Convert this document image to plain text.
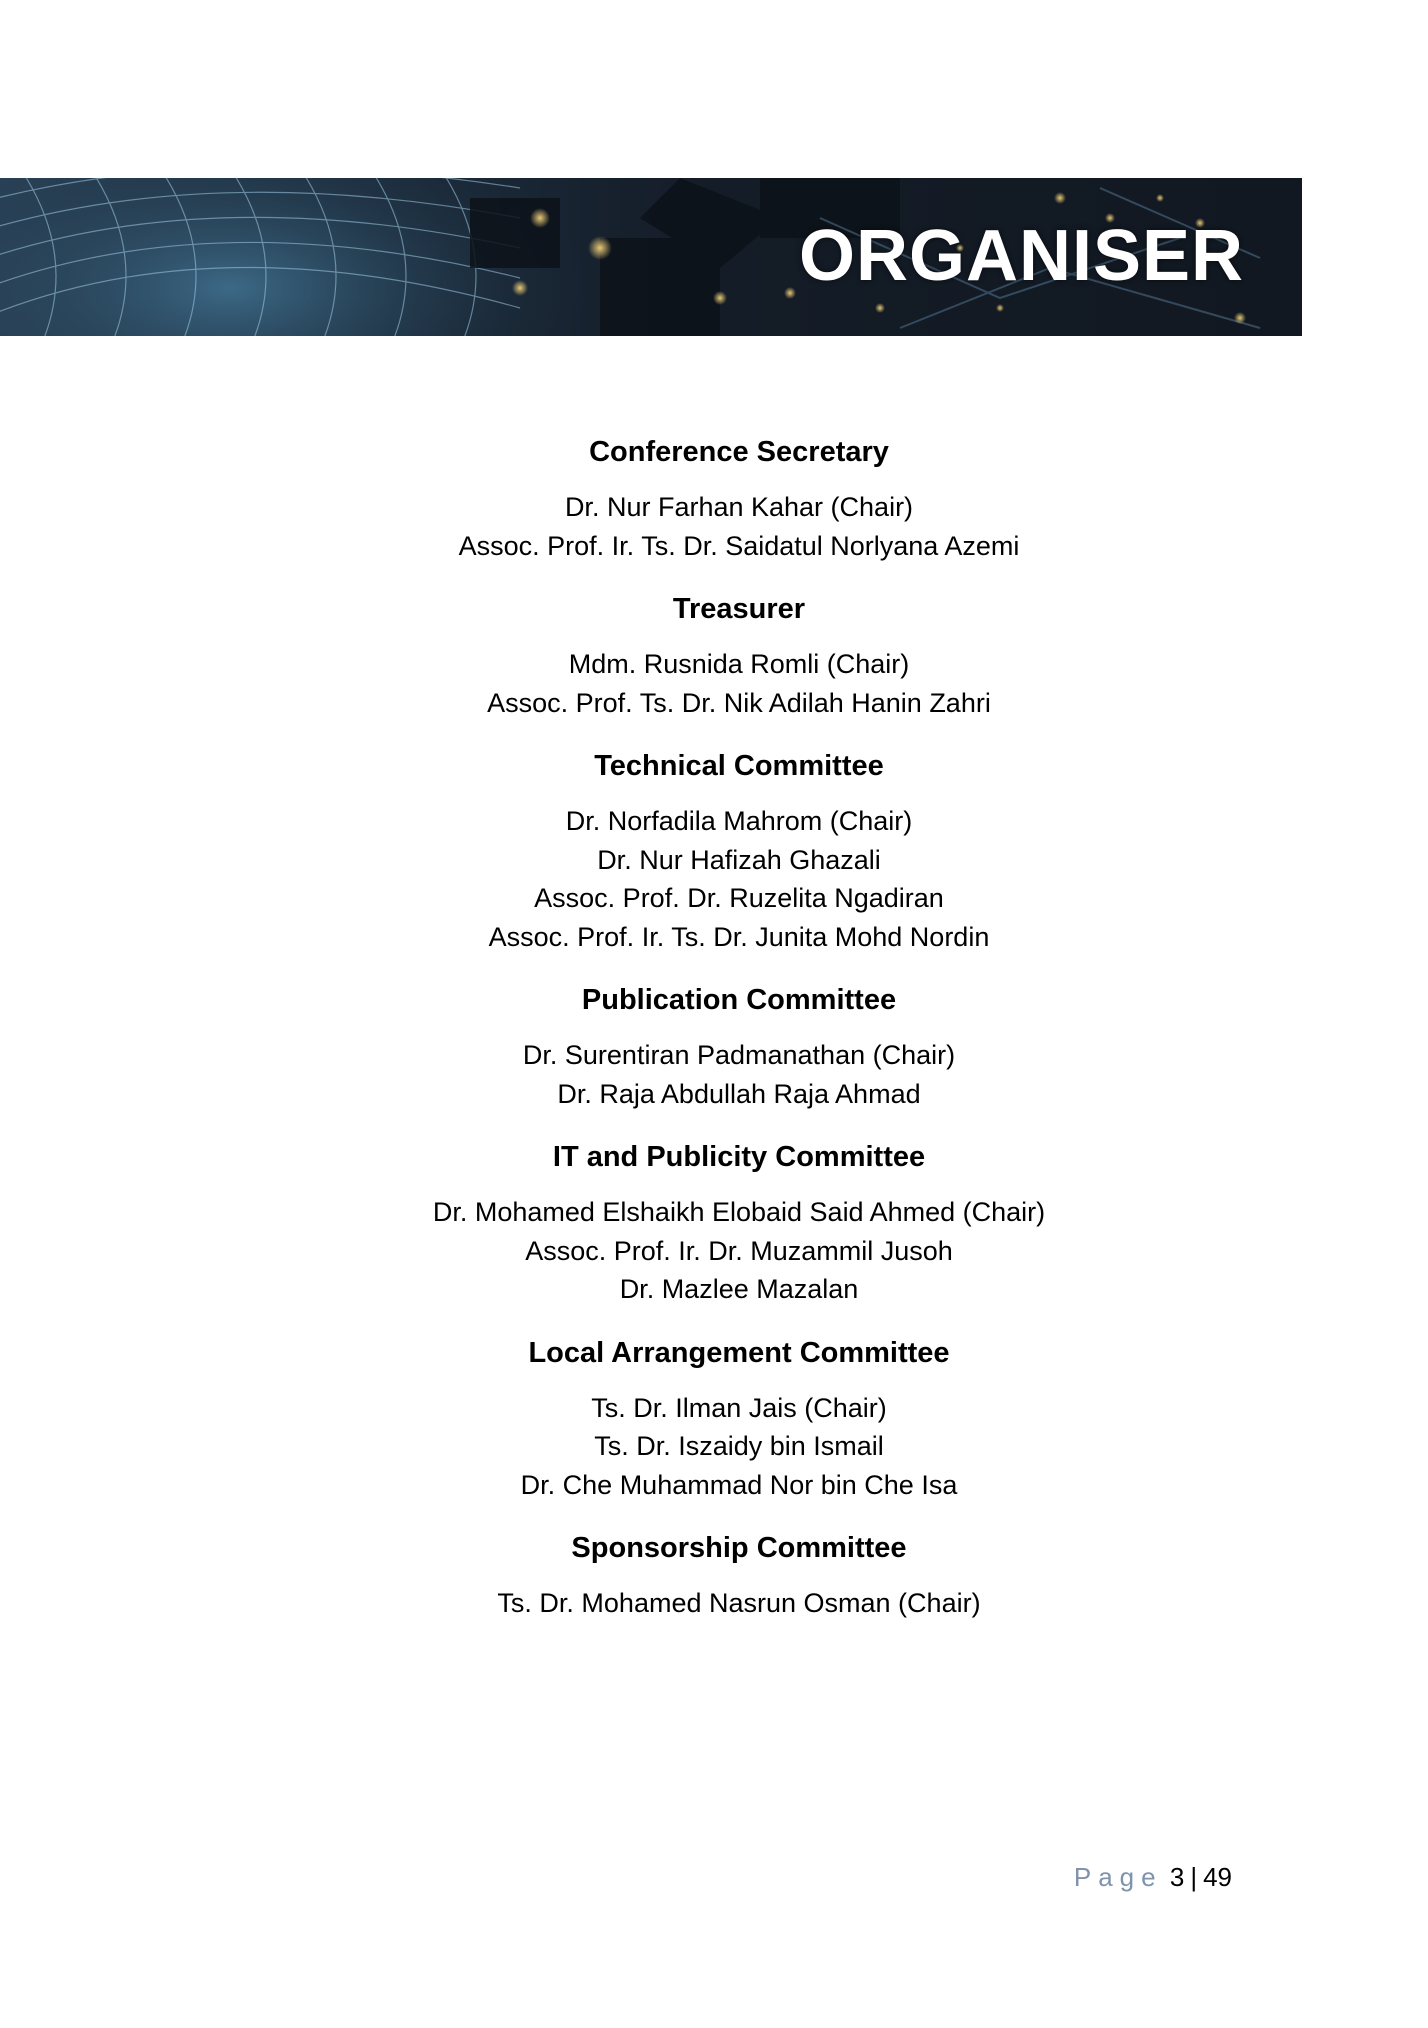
ORGANISER
Conference Secretary

Dr. Nur Farhan Kahar (Chair)

Assoc. Prof. Ir. Ts. Dr. Saidatul Norlyana Azemi

Treasurer

Mdm. Rusnida Romli (Chair)

Assoc. Prof. Ts. Dr. Nik Adilah Hanin Zahri

Technical Committee

Dr. Norfadila Mahrom (Chair)

Dr. Nur Hafizah Ghazali

Assoc. Prof. Dr. Ruzelita Ngadiran

Assoc. Prof. Ir. Ts. Dr. Junita Mohd Nordin

Publication Committee

Dr. Surentiran Padmanathan (Chair)

Dr. Raja Abdullah Raja Ahmad

IT and Publicity Committee

Dr. Mohamed Elshaikh Elobaid Said Ahmed (Chair)

Assoc. Prof. Ir. Dr. Muzammil Jusoh

Dr. Mazlee Mazalan

Local Arrangement Committee

Ts. Dr. Ilman Jais (Chair)

Ts. Dr. Iszaidy bin Ismail

Dr. Che Muhammad Nor bin Che Isa

Sponsorship Committee

Ts. Dr. Mohamed Nasrun Osman (Chair)

Page 3 | 49
